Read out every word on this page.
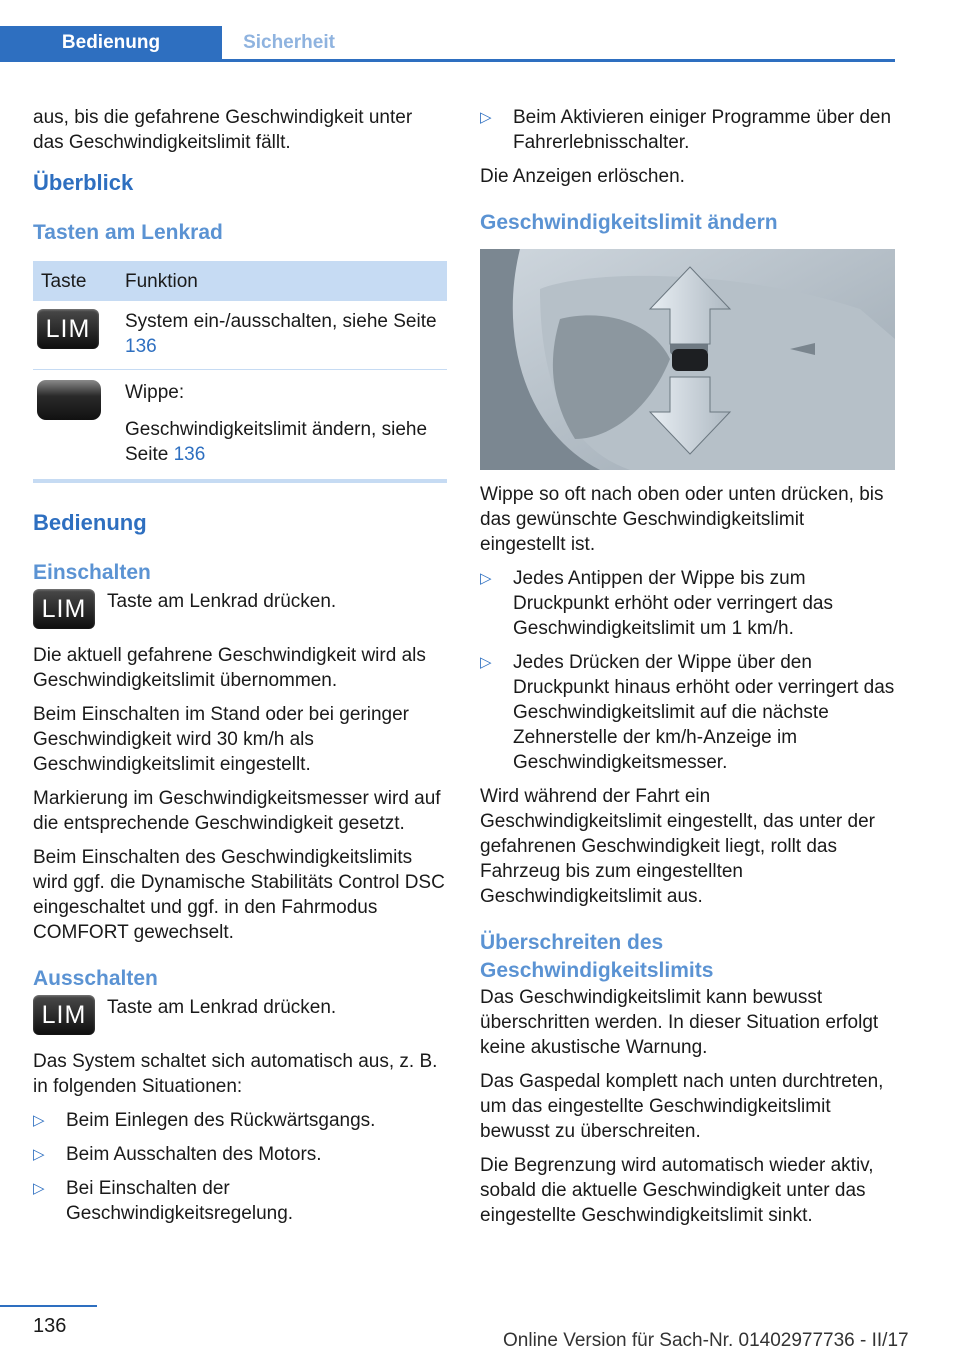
Bedienung	Sicherheit

aus, bis die gefahrene Geschwindigkeit unter das Geschwindigkeitslimit fällt.

Überblick
Tasten am Lenkrad
Taste	Funktion

LIM	System ein-/ausschalten, siehe Seite 136

	Wippe:
Geschwindigkeitslimit ändern, siehe Seite 136
Bedienung
Einschalten
LIM	Taste am Lenkrad drücken.

Die aktuell gefahrene Geschwindigkeit wird als Geschwindigkeitslimit übernommen.

Beim Einschalten im Stand oder bei geringer Geschwindigkeit wird 30 km/h als Geschwindigkeitslimit eingestellt.

Markierung im Geschwindigkeitsmesser wird auf die entsprechende Geschwindigkeit gesetzt.

Beim Einschalten des Geschwindigkeitslimits wird ggf. die Dynamische Stabilitäts Control DSC eingeschaltet und ggf. in den Fahrmodus COMFORT gewechselt.

Ausschalten
LIM	Taste am Lenkrad drücken.

Das System schaltet sich automatisch aus, z. B. in folgenden Situationen:

▷ Beim Einlegen des Rückwärtsgangs.
▷ Beim Ausschalten des Motors.
▷ Bei Einschalten der Geschwindigkeitsregelung.
▷ Beim Aktivieren einiger Programme über den Fahrerlebnisschalter.

Die Anzeigen erlöschen.

Geschwindigkeitslimit ändern

Wippe so oft nach oben oder unten drücken, bis das gewünschte Geschwindigkeitslimit eingestellt ist.

▷ Jedes Antippen der Wippe bis zum Druckpunkt erhöht oder verringert das Geschwindigkeitslimit um 1 km/h.
▷ Jedes Drücken der Wippe über den Druckpunkt hinaus erhöht oder verringert das Geschwindigkeitslimit auf die nächste Zehnerstelle der km/h-Anzeige im Geschwindigkeitsmesser.

Wird während der Fahrt ein Geschwindigkeitslimit eingestellt, das unter der gefahrenen Geschwindigkeit liegt, rollt das Fahrzeug bis zum eingestellten Geschwindigkeitslimit aus.

Überschreiten des Geschwindigkeitslimits

Das Geschwindigkeitslimit kann bewusst überschritten werden. In dieser Situation erfolgt keine akustische Warnung.

Das Gaspedal komplett nach unten durchtreten, um das eingestellte Geschwindigkeitslimit bewusst zu überschreiten.

Die Begrenzung wird automatisch wieder aktiv, sobald die aktuelle Geschwindigkeit unter das eingestellte Geschwindigkeitslimit sinkt.

136
Online Version für Sach-Nr. 01402977736 - II/17
